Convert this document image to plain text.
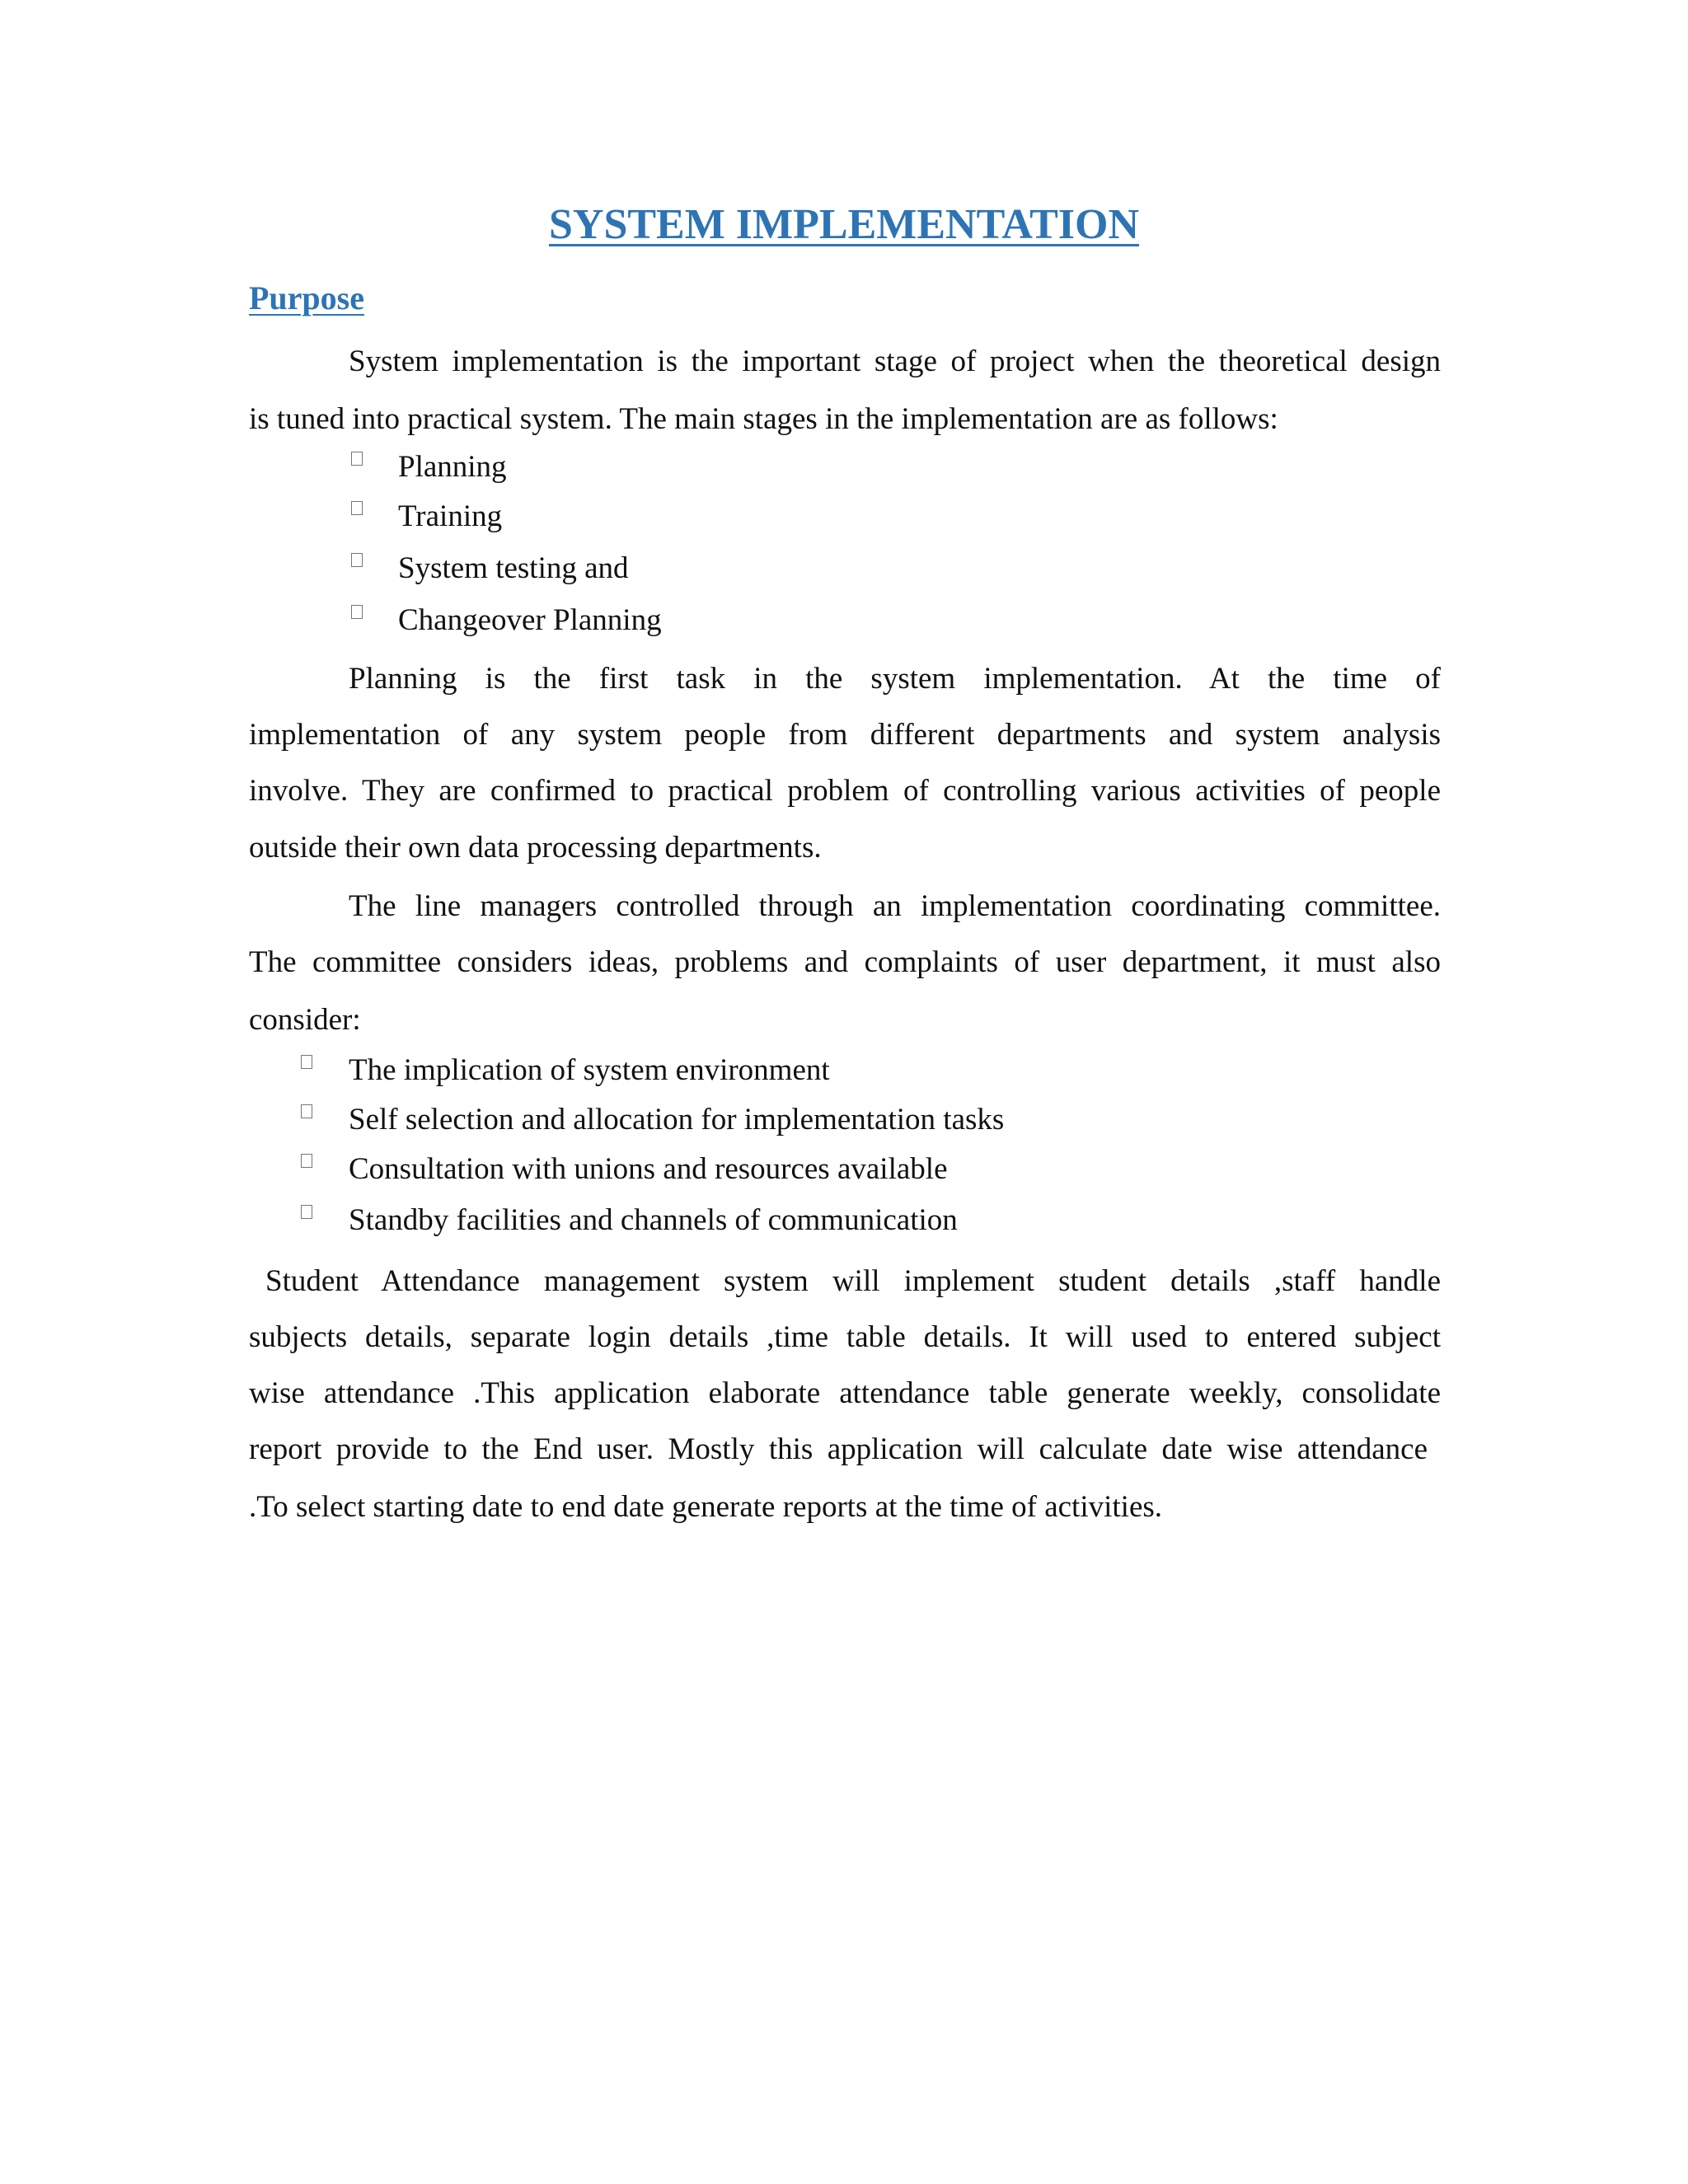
SYSTEM IMPLEMENTATION
Purpose

System implementation is the important stage of project when the theoretical design

is tuned into practical system. The main stages in the implementation are as follows:

Planning
Training
System testing and
Changeover Planning

Planning is the first task in the system implementation. At the time of

implementation of any system people from different departments and system analysis

involve. They are confirmed to practical problem of controlling various activities of people

outside their own data processing departments.

The line managers controlled through an implementation coordinating committee.

The committee considers ideas, problems and complaints of user department, it must also

consider:

The implication of system environment
Self selection and allocation for implementation tasks
Consultation with unions and resources available
Standby facilities and channels of communication

Student Attendance management system will implement student details ,staff handle

subjects details, separate login details ,time table details. It will used to entered subject

wise attendance .This application elaborate attendance table generate weekly, consolidate

report provide to the End user. Mostly this application will calculate date wise attendance

.To select starting date to end date generate reports at the time of activities.
